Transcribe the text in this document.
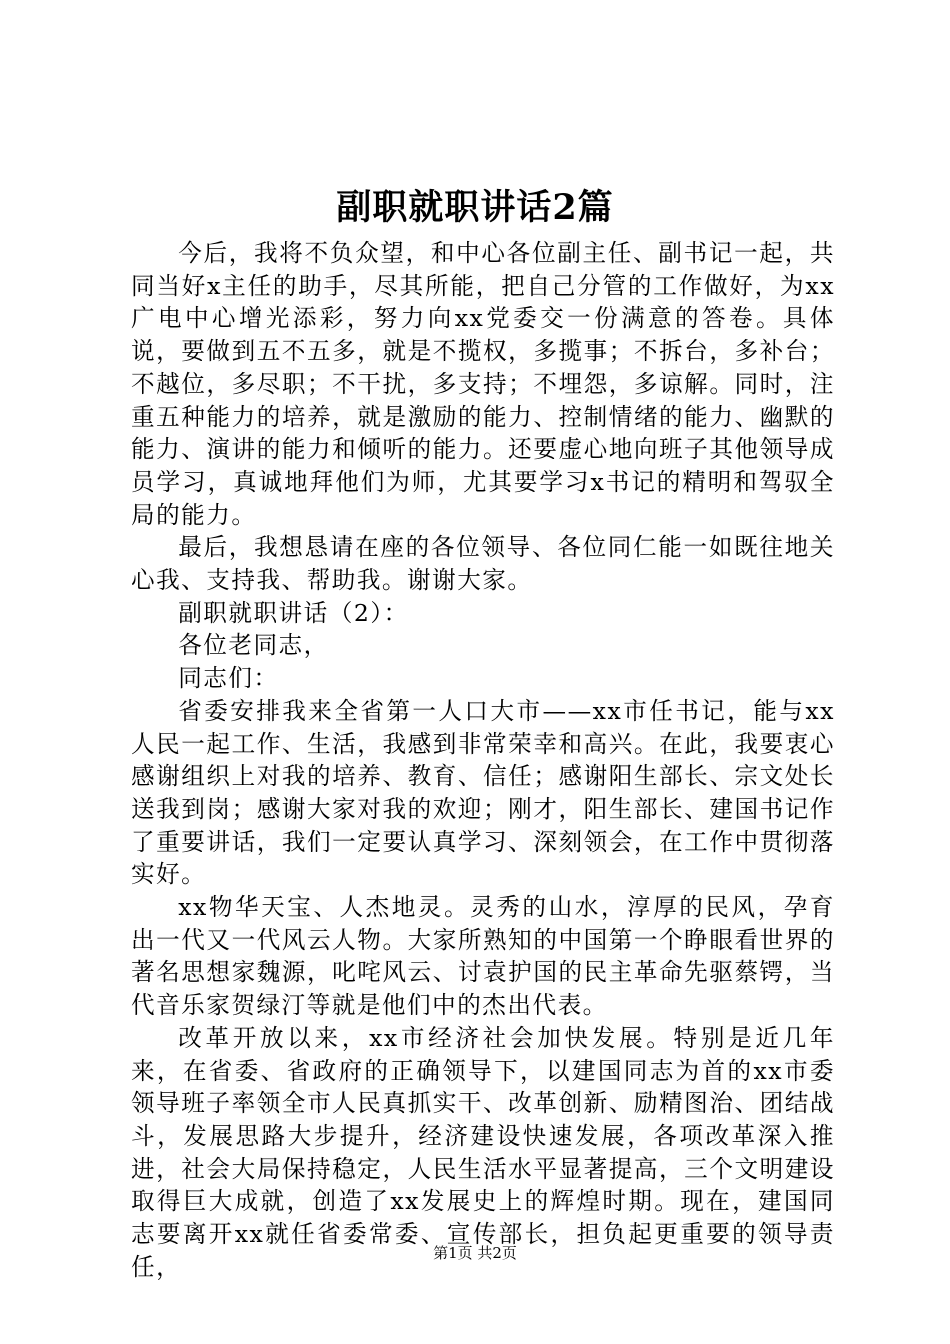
副职就职讲话2篇

今后，我将不负众望，和中心各位副主任、副书记一起，共同当好x主任的助手，尽其所能，把自己分管的工作做好，为xx广电中心增光添彩，努力向xx党委交一份满意的答卷。具体说，要做到五不五多，就是不揽权，多揽事；不拆台，多补台；不越位，多尽职；不干扰，多支持；不埋怨，多谅解。同时，注重五种能力的培养，就是激励的能力、控制情绪的能力、幽默的能力、演讲的能力和倾听的能力。还要虚心地向班子其他领导成员学习，真诚地拜他们为师，尤其要学习x书记的精明和驾驭全局的能力。

最后，我想恳请在座的各位领导、各位同仁能一如既往地关心我、支持我、帮助我。谢谢大家。

副职就职讲话（2）：

各位老同志，

同志们：

省委安排我来全省第一人口大市——xx市任书记，能与xx人民一起工作、生活，我感到非常荣幸和高兴。在此，我要衷心感谢组织上对我的培养、教育、信任；感谢阳生部长、宗文处长送我到岗；感谢大家对我的欢迎；刚才，阳生部长、建国书记作了重要讲话，我们一定要认真学习、深刻领会，在工作中贯彻落实好。

xx物华天宝、人杰地灵。灵秀的山水，淳厚的民风，孕育出一代又一代风云人物。大家所熟知的中国第一个睁眼看世界的著名思想家魏源，叱咤风云、讨袁护国的民主革命先驱蔡锷，当代音乐家贺绿汀等就是他们中的杰出代表。

改革开放以来，xx市经济社会加快发展。特别是近几年来，在省委、省政府的正确领导下，以建国同志为首的xx市委领导班子率领全市人民真抓实干、改革创新、励精图治、团结战斗，发展思路大步提升，经济建设快速发展，各项改革深入推进，社会大局保持稳定，人民生活水平显著提高，三个文明建设取得巨大成就，创造了xx发展史上的辉煌时期。现在，建国同志要离开xx就任省委常委、宣传部长，担负起更重要的领导责任，	第1页 共2页
